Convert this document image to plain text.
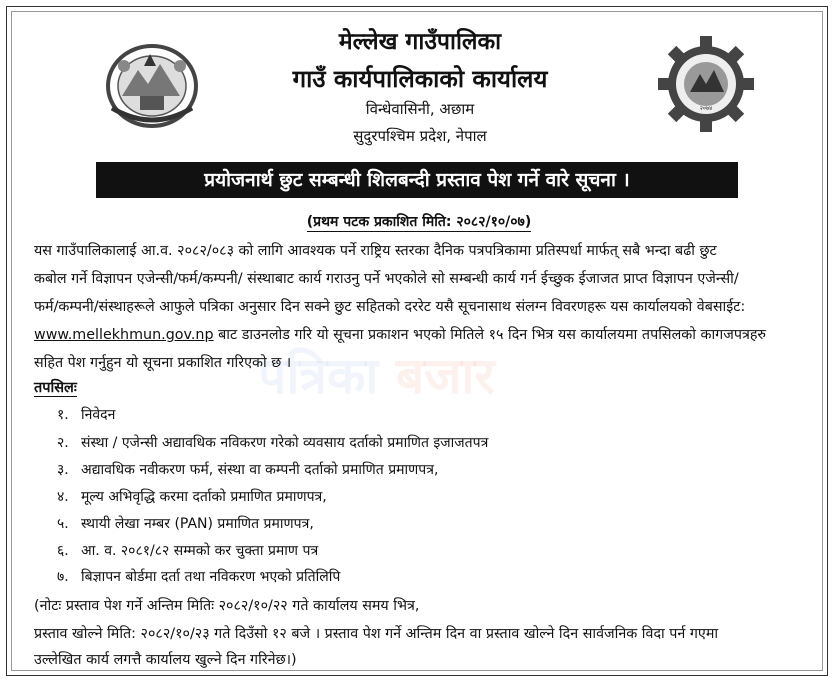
२०७४
मेल्लेख गाउँपालिका
गाउँ कार्यपालिकाको कार्यालय
विन्धेवासिनी, अछाम
सुदुरपश्चिम प्रदेश, नेपाल
प्रयोजनार्थ छुट सम्बन्धी शिलबन्दी प्रस्ताव पेश गर्ने वारे सूचना ।
(प्रथम पटक प्रकाशित मिति: २०८२/१०/०७)
पत्रिका बजार
यस गाउँपालिकालाई आ.व. २०८२/०८३ को लागि आवश्यक पर्ने राष्ट्रिय स्तरका दैनिक पत्रपत्रिकामा प्रतिस्पर्धा मार्फत् सबै भन्दा बढी छुट
कबोल गर्ने विज्ञापन एजेन्सी/फर्म/कम्पनी/ संस्थाबाट कार्य गराउनु पर्ने भएकोले सो सम्बन्धी कार्य गर्न ईच्छुक ईजाजत प्राप्त विज्ञापन एजेन्सी/
फर्म/कम्पनी/संस्थाहरूले आफुले पत्रिका अनुसार दिन सक्ने छुट सहितको दररेट यसै सूचनासाथ संलग्न विवरणहरू यस कार्यालयको वेबसाईट:
www.mellekhmun.gov.np बाट डाउनलोड गरि यो सूचना प्रकाशन भएको मितिले १५ दिन भित्र यस कार्यालयमा तपसिलको कागजपत्रहरु
सहित पेश गर्नुहुन यो सूचना प्रकाशित गरिएको छ ।
तपसिलः
१. निवेदन
२. संस्था / एजेन्सी अद्यावधिक नविकरण गरेको व्यवसाय दर्ताको प्रमाणित इजाजतपत्र
३. अद्यावधिक नवीकरण फर्म, संस्था वा कम्पनी दर्ताको प्रमाणित प्रमाणपत्र,
४. मूल्य अभिवृद्धि करमा दर्ताको प्रमाणित प्रमाणपत्र,
५. स्थायी लेखा नम्बर (PAN) प्रमाणित प्रमाणपत्र,
६. आ. व. २०८१/८२ सम्मको कर चुक्ता प्रमाण पत्र
७. बिज्ञापन बोर्डमा दर्ता तथा नविकरण भएको प्रतिलिपि
(नोटः प्रस्ताव पेश गर्ने अन्तिम मितिः २०८२/१०/२२ गते कार्यालय समय भित्र,
प्रस्ताव खोल्ने मिति: २०८२/१०/२३ गते दिउँसो १२ बजे । प्रस्ताव पेश गर्ने अन्तिम दिन वा प्रस्ताव खोल्ने दिन सार्वजनिक विदा पर्न गएमा
उल्लेखित कार्य लगत्तै कार्यालय खुल्ने दिन गरिनेछ।)
